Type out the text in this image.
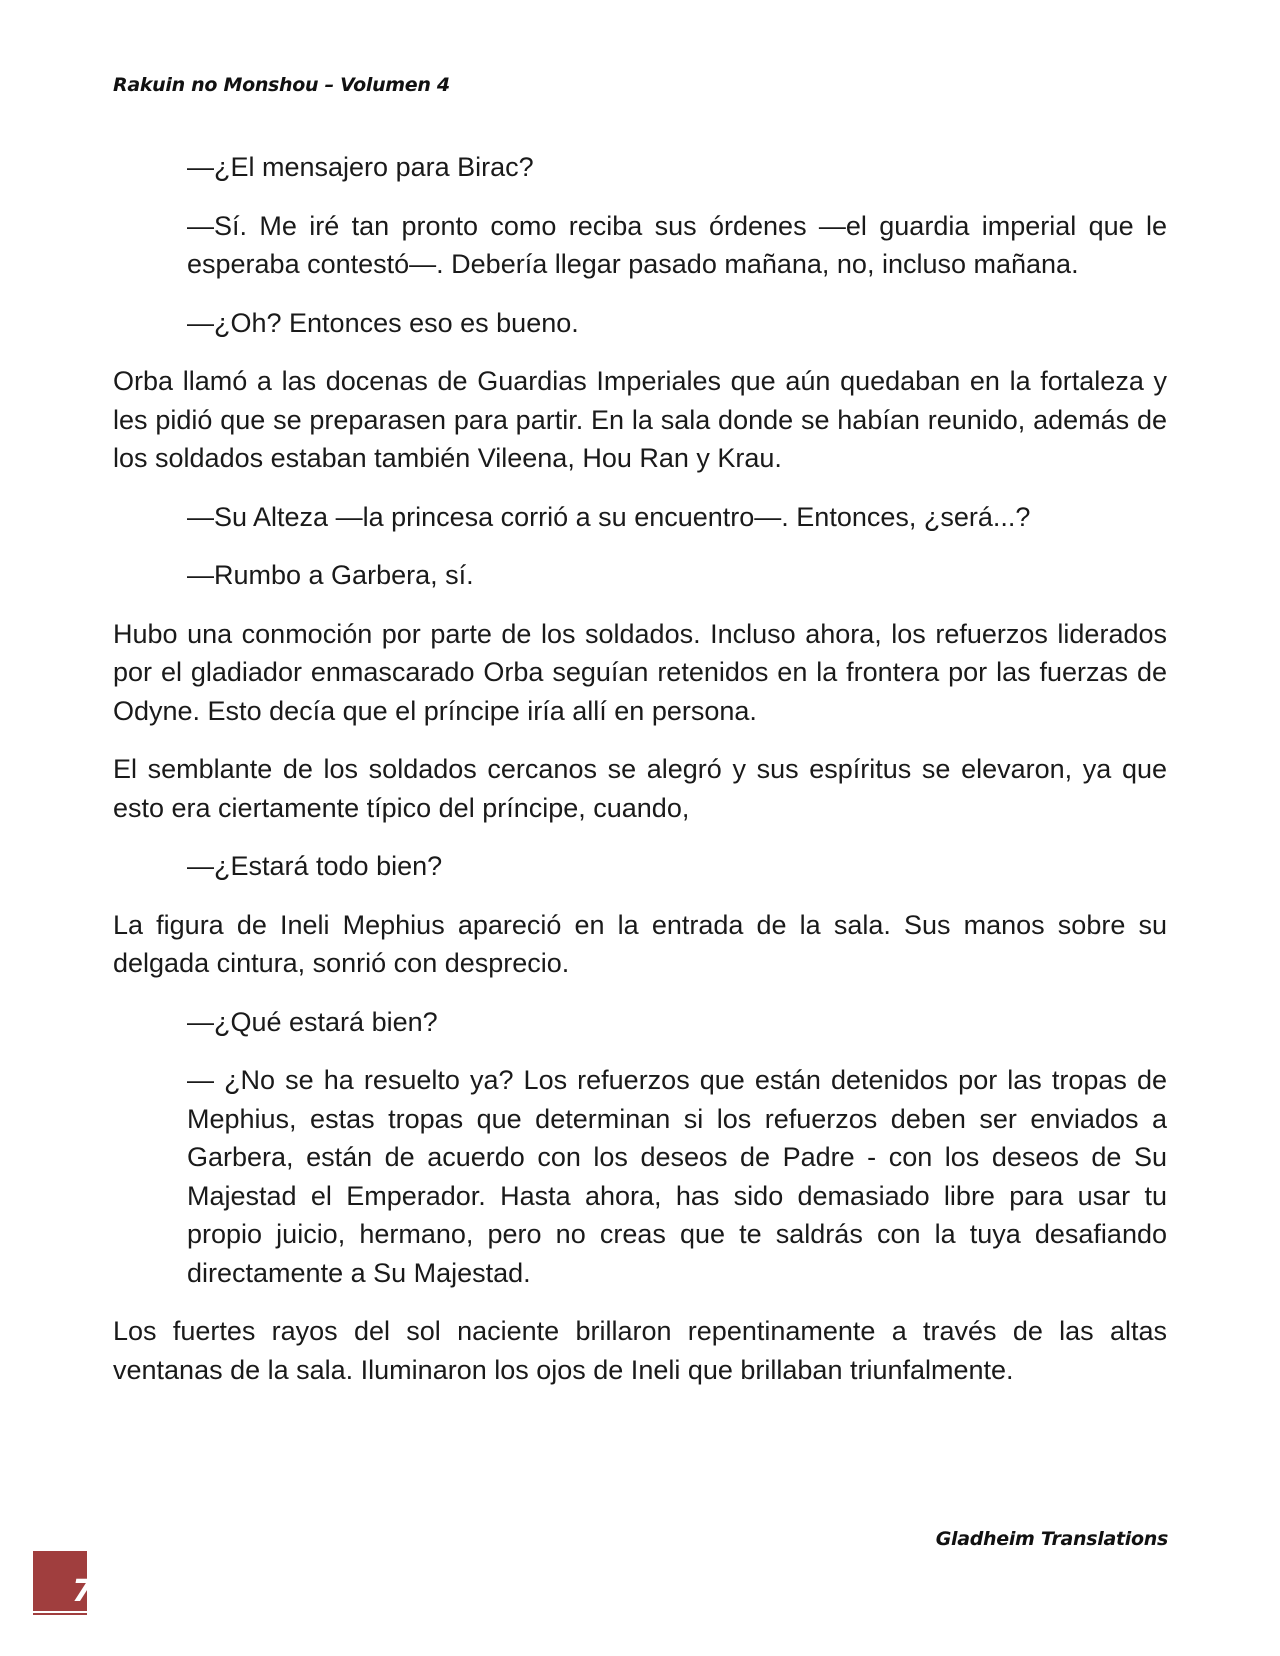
Rakuin no Monshou – Volumen 4

—¿El mensajero para Birac?

—Sí. Me iré tan pronto como reciba sus órdenes —el guardia imperial que le esperaba contestó—. Debería llegar pasado mañana, no, incluso mañana.

—¿Oh? Entonces eso es bueno.

Orba llamó a las docenas de Guardias Imperiales que aún quedaban en la fortaleza y les pidió que se preparasen para partir. En la sala donde se habían reunido, además de los soldados estaban también Vileena, Hou Ran y Krau.

—Su Alteza —la princesa corrió a su encuentro—. Entonces, ¿será...?

—Rumbo a Garbera, sí.

Hubo una conmoción por parte de los soldados. Incluso ahora, los refuerzos liderados por el gladiador enmascarado Orba seguían retenidos en la frontera por las fuerzas de Odyne. Esto decía que el príncipe iría allí en persona.

El semblante de los soldados cercanos se alegró y sus espíritus se elevaron, ya que esto era ciertamente típico del príncipe, cuando,

—¿Estará todo bien?

La figura de Ineli Mephius apareció en la entrada de la sala. Sus manos sobre su delgada cintura, sonrió con desprecio.

—¿Qué estará bien?

— ¿No se ha resuelto ya? Los refuerzos que están detenidos por las tropas de Mephius, estas tropas que determinan si los refuerzos deben ser enviados a Garbera, están de acuerdo con los deseos de Padre - con los deseos de Su Majestad el Emperador. Hasta ahora, has sido demasiado libre para usar tu propio juicio, hermano, pero no creas que te saldrás con la tuya desafiando directamente a Su Majestad.

Los fuertes rayos del sol naciente brillaron repentinamente a través de las altas ventanas de la sala. Iluminaron los ojos de Ineli que brillaban triunfalmente.

Gladheim Translations
7
